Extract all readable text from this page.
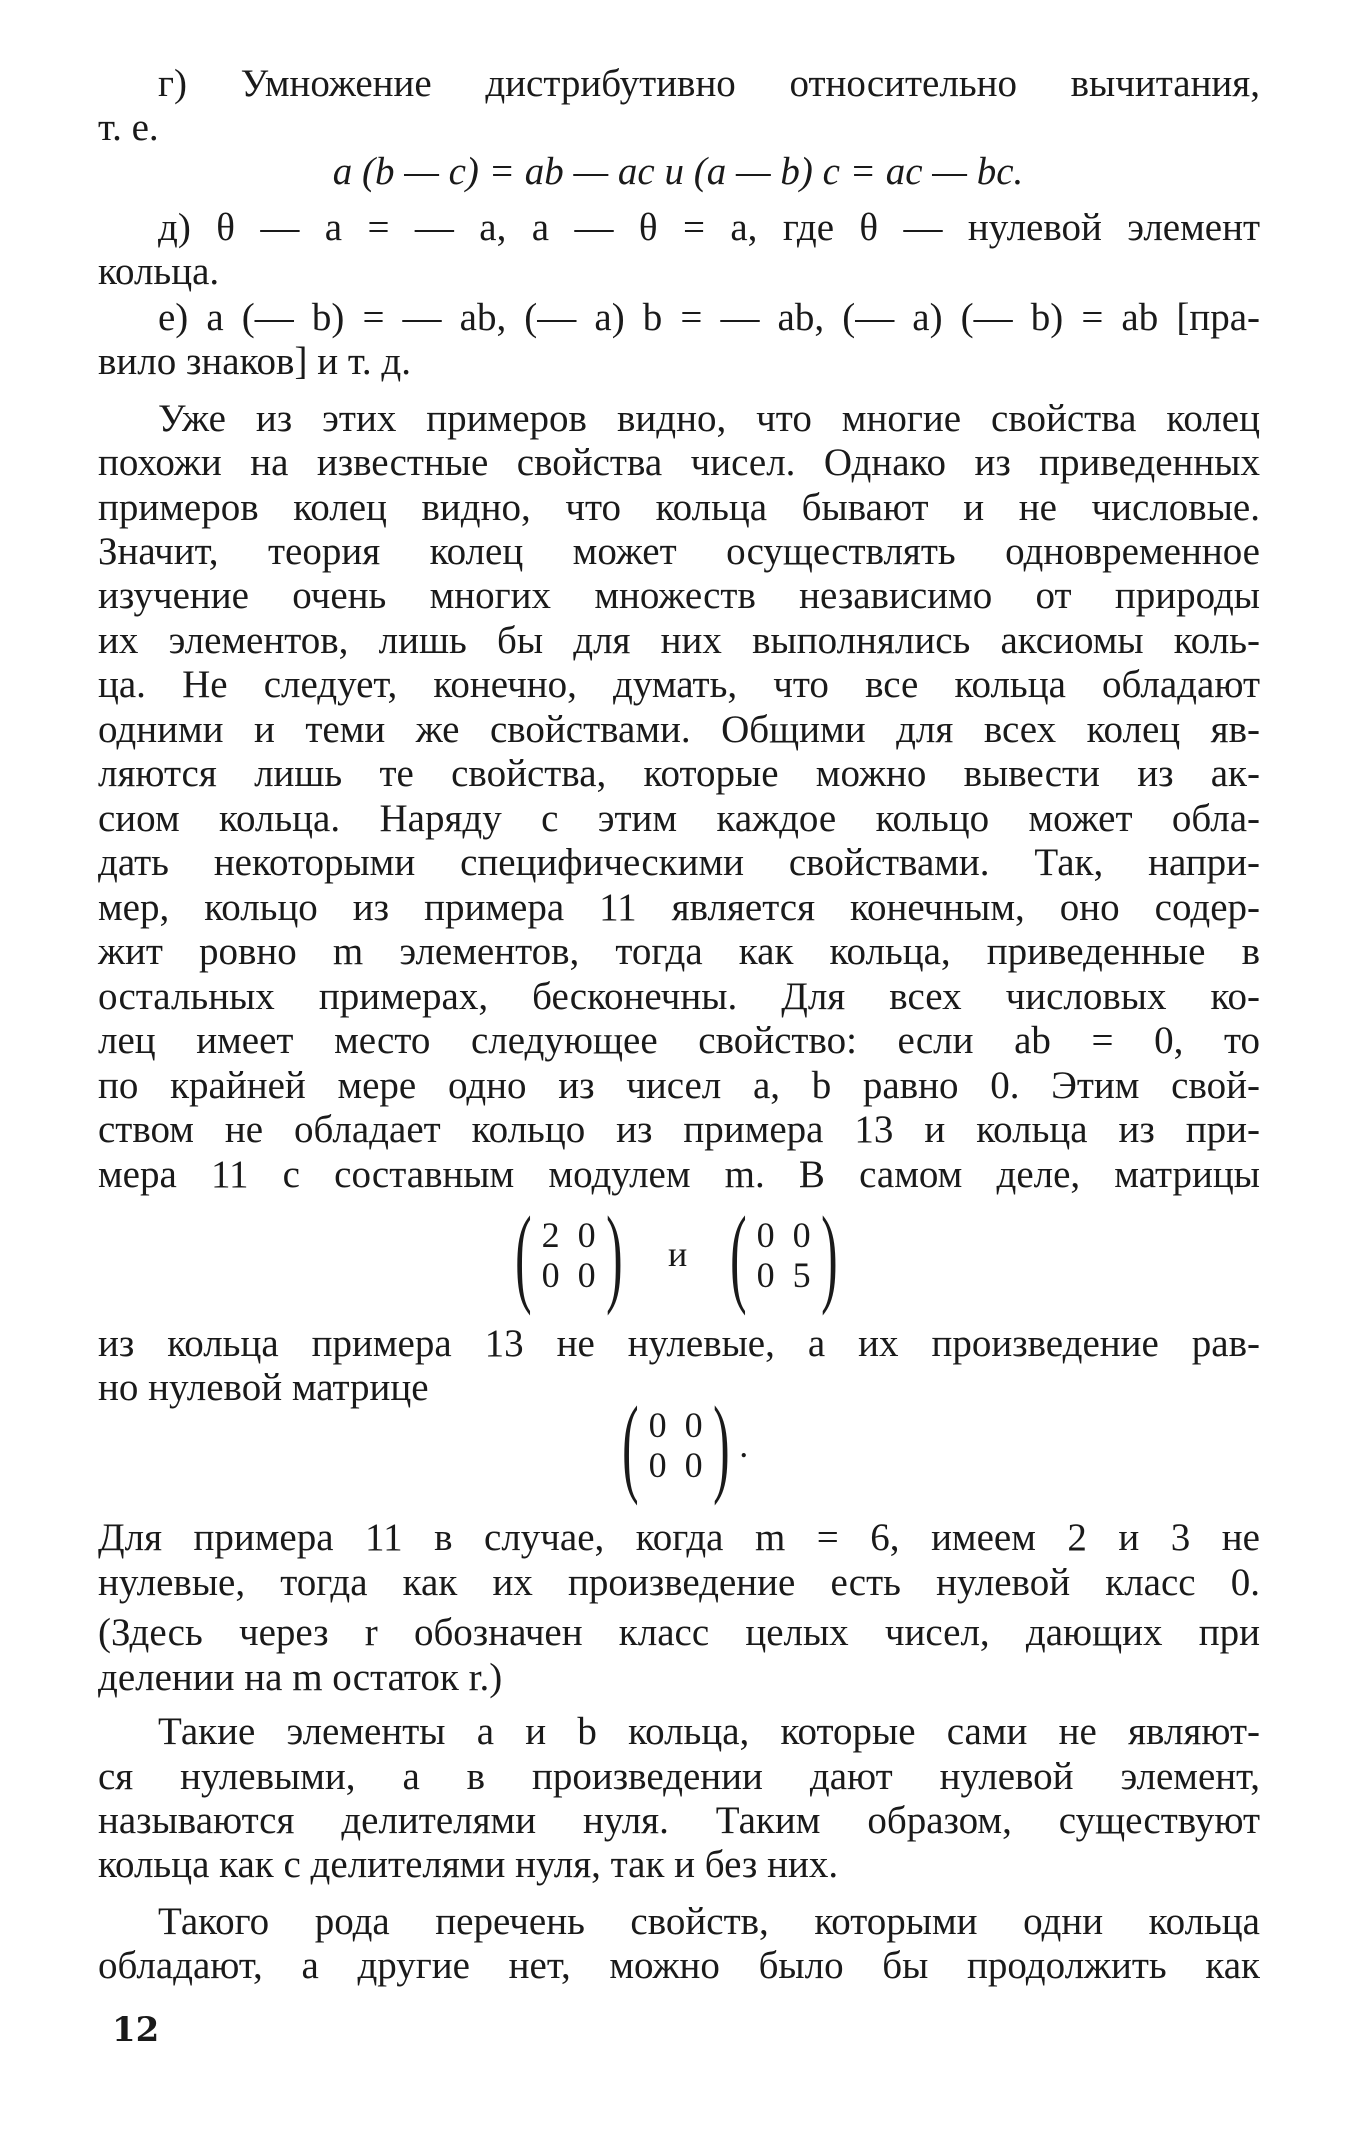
г) Умножение дистрибутивно относительно вычитания,
т. е.
a (b — c) = ab — ac и (a — b) c = ac — bc.
д) θ — a = — a, a — θ = a, где θ — нулевой элемент
кольца.
е) a (— b) = — ab, (— a) b = — ab, (— a) (— b) = ab [пра-
вило знаков] и т. д.
Уже из этих примеров видно, что многие свойства колец
похожи на известные свойства чисел. Однако из приведенных
примеров колец видно, что кольца бывают и не числовые.
Значит, теория колец может осуществлять одновременное
изучение очень многих множеств независимо от природы
их элементов, лишь бы для них выполнялись аксиомы коль-
ца. Не следует, конечно, думать, что все кольца обладают
одними и теми же свойствами. Общими для всех колец яв-
ляются лишь те свойства, которые можно вывести из ак-
сиом кольца. Наряду с этим каждое кольцо может обла-
дать некоторыми специфическими свойствами. Так, напри-
мер, кольцо из примера 11 является конечным, оно содер-
жит ровно m элементов, тогда как кольца, приведенные в
остальных примерах, бесконечны. Для всех числовых ко-
лец имеет место следующее свойство: если ab = 0, то
по крайней мере одно из чисел a, b равно 0. Этим свой-
ством не обладает кольцо из примера 13 и кольца из при-
мера 11 с составным модулем m. В самом деле, матрицы
( 2 0
0 0 ) и ( 0 0
0 5 )
из кольца примера 13 не нулевые, а их произведение рав-
но нулевой матрице ( 0 0
0 0 ) .
Для примера 11 в случае, когда m = 6, имеем 2 и 3 не
нулевые, тогда как их произведение есть нулевой класс 0.
(Здесь через r обозначен класс целых чисел, дающих при
делении на m остаток r.)
Такие элементы a и b кольца, которые сами не являют-
ся нулевыми, а в произведении дают нулевой элемент,
называются делителями нуля. Таким образом, существуют
кольца как с делителями нуля, так и без них.
Такого рода перечень свойств, которыми одни кольца
обладают, а другие нет, можно было бы продолжить как
12
